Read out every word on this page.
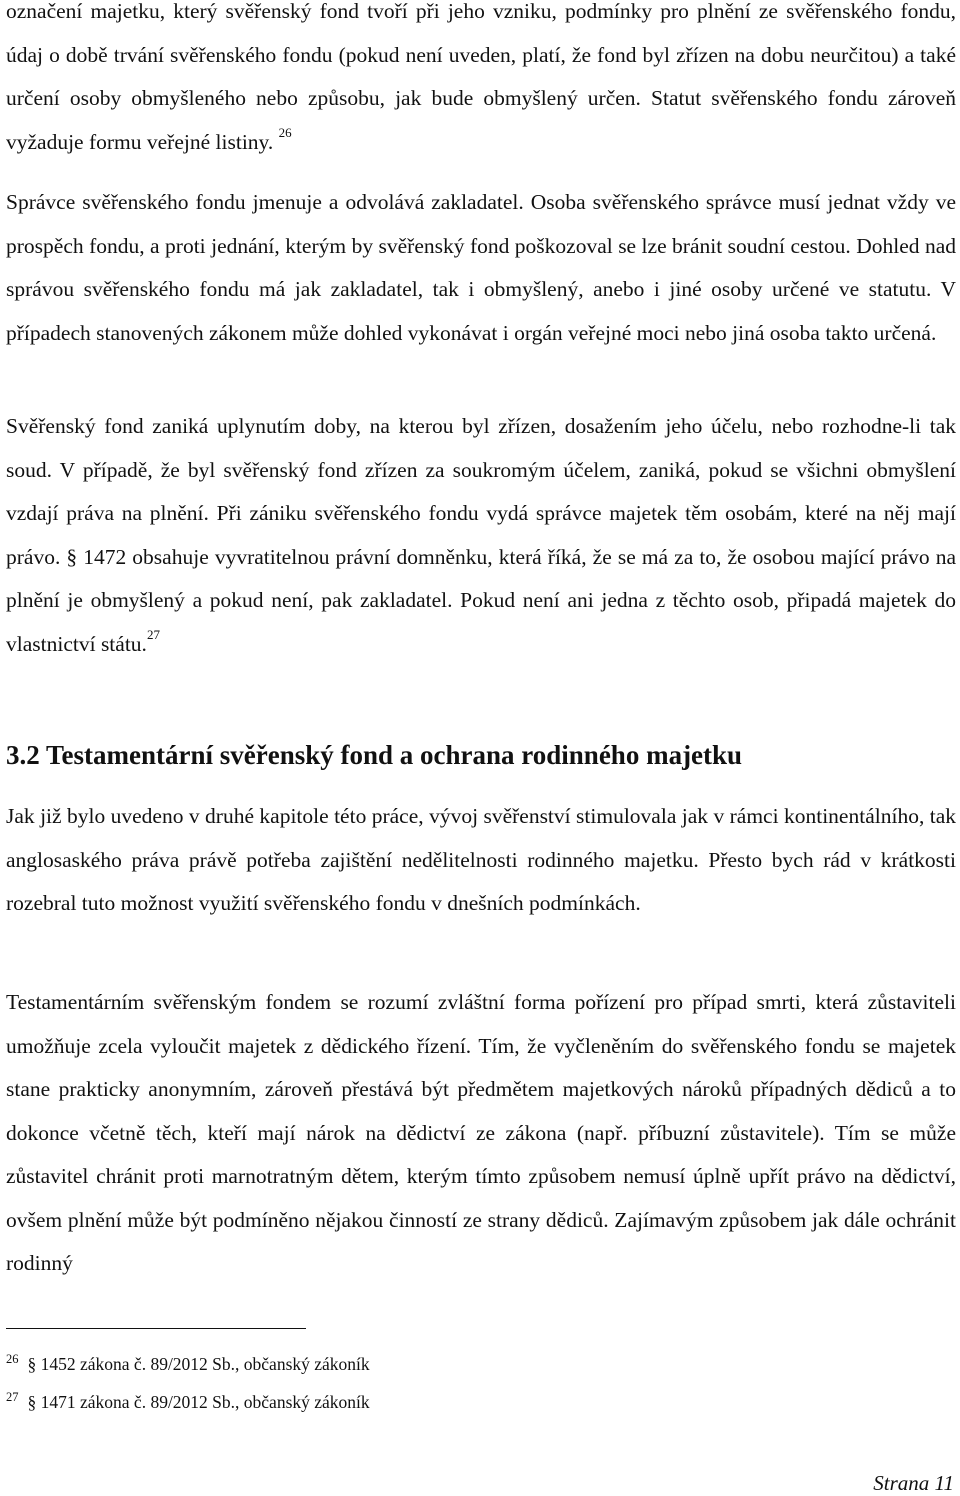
označení majetku, který svěřenský fond tvoří při jeho vzniku, podmínky pro plnění ze svěřenského fondu, údaj o době trvání svěřenského fondu (pokud není uveden, platí, že fond byl zřízen na dobu neurčitou) a také určení osoby obmyšleného nebo způsobu, jak bude obmyšlený určen. Statut svěřenského fondu zároveň vyžaduje formu veřejné listiny. $^{26}$

Správce svěřenského fondu jmenuje a odvolává zakladatel. Osoba svěřenského správce musí jednat vždy ve prospěch fondu, a proti jednání, kterým by svěřenský fond poškozoval se lze bránit soudní cestou. Dohled nad správou svěřenského fondu má jak zakladatel, tak i obmyšlený, anebo i jiné osoby určené ve statutu. V případech stanovených zákonem může dohled vykonávat i orgán veřejné moci nebo jiná osoba takto určená.

Svěřenský fond zaniká uplynutím doby, na kterou byl zřízen, dosažením jeho účelu, nebo rozhodne-li tak soud. V případě, že byl svěřenský fond zřízen za soukromým účelem, zaniká, pokud se všichni obmyšlení vzdají práva na plnění. Při zániku svěřenského fondu vydá správce majetek těm osobám, které na něj mají právo. § 1472 obsahuje vyvratitelnou právní domněnku, která říká, že se má za to, že osobou mající právo na plnění je obmyšlený a pokud není, pak zakladatel. Pokud není ani jedna z těchto osob, připadá majetek do vlastnictví státu.$^{27}$

3.2 Testamentární svěřenský fond a ochrana rodinného majetku

Jak již bylo uvedeno v druhé kapitole této práce, vývoj svěřenství stimulovala jak v rámci kontinentálního, tak anglosaského práva právě potřeba zajištění nedělitelnosti rodinného majetku. Přesto bych rád v krátkosti rozebral tuto možnost využití svěřenského fondu v dnešních podmínkách.

Testamentárním svěřenským fondem se rozumí zvláštní forma pořízení pro případ smrti, která zůstaviteli umožňuje zcela vyloučit majetek z dědického řízení. Tím, že vyčleněním do svěřenského fondu se majetek stane prakticky anonymním, zároveň přestává být předmětem majetkových nároků případných dědiců a to dokonce včetně těch, kteří mají nárok na dědictví ze zákona (např. příbuzní zůstavitele). Tím se může zůstavitel chránit proti marnotratným dětem, kterým tímto způsobem nemusí úplně upřít právo na dědictví, ovšem plnění může být podmíněno nějakou činností ze strany dědiců. Zajímavým způsobem jak dále ochránit rodinný

$^{26}$ § 1452 zákona č. 89/2012 Sb., občanský zákoník
$^{27}$ § 1471 zákona č. 89/2012 Sb., občanský zákoník
Strana 11
